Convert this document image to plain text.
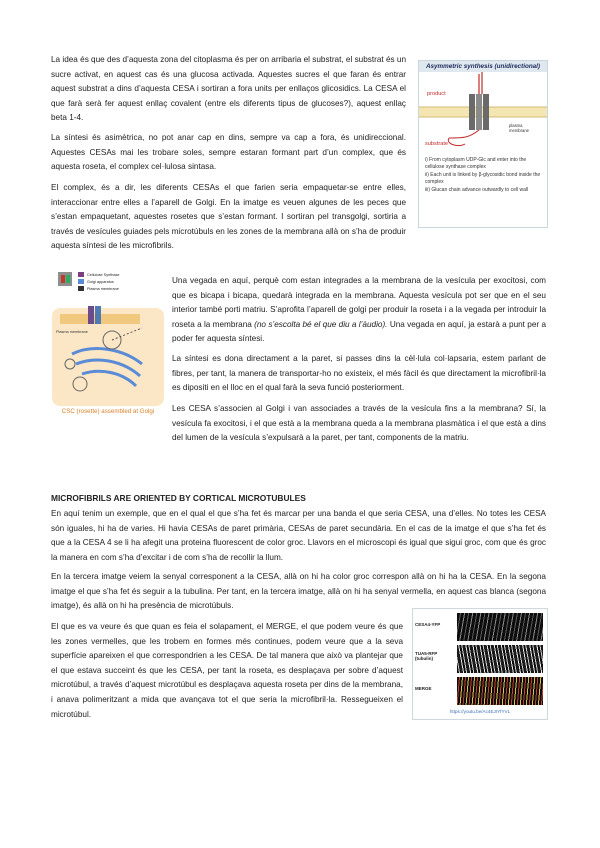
La idea és que des d’aquesta zona del citoplasma és per on arribaria el substrat, el substrat és un sucre activat, en aquest cas és una glucosa activada. Aquestes sucres el que faran és entrar aquest substrat a dins d’aquesta CESA i sortiran a fora units per enllaços glicosidics. La CESA el que farà serà fer aquest enllaç covalent (entre els diferents tipus de glucoses?), aquest enllaç beta 1-4.

La síntesi és asimètrica, no pot anar cap en dins, sempre va cap a fora, és unidireccional. Aquestes CESAs mai les trobare soles, sempre estaran formant part d’un complex, que és aquesta roseta, el complex cel·lulosa sintasa.

El complex, és a dir, les diferents CESAs el que farien seria empaquetar-se entre elles, interaccionar entre elles a l’aparell de Golgi. En la imatge es veuen algunes de les peces que s’estan empaquetant, aquestes rosetes que s’estan formant. I sortiran pel transgolgi, sortiria a través de vesícules guiades pels microtúbuls en les zones de la membrana allà on s’ha de produir aquesta síntesi de les microfibrils.

Asymmetric synthesis (unidirectional)
product
substrate
plasma membrane
i) From cytoplasm UDP-Glc and enter into the cellulose synthase complex
ii) Each unit is linked by β-glycosidic bond inside the complex
iii) Glucan chain advance outwardly to cell wall
Cellulose Synthase
Golgi apparatus
Plasma membrane
Plasma membrane
CSC (rosette) assembled at Golgi

Una vegada en aquí, perquè com estan integrades a la membrana de la vesícula per exocitosi, com que es bicapa i bicapa, quedarà integrada en la membrana. Aquesta vesícula pot ser que en el seu interior també porti matriu. S’aprofita l’aparell de golgi per produir la roseta i a la vegada per introduir la roseta a la membrana (no s’escolta bé el que diu a l’àudio). Una vegada en aquí, ja estarà a punt per a poder fer aquesta síntesi.

La síntesi es dona directament a la paret, si passes dins la cèl·lula col·lapsaria, estem parlant de fibres, per tant, la manera de transportar-ho no existeix, el més fàcil és que directament la microfibril·la es dipositi en el lloc en el qual farà la seva funció posteriorment.

Les CESA s’associen al Golgi i van associades a través de la vesícula fins a la membrana? Sí, la vesícula fa exocitosi, i el que està a la membrana queda a la membrana plasmàtica i el que està a dins del lumen de la vesícula s’expulsarà a la paret, per tant, components de la matriu.

MICROFIBRILS ARE ORIENTED BY CORTICAL MICROTUBULES

En aquí tenim un exemple, que en el qual el que s’ha fet és marcar per una banda el que seria CESA, una d’elles. No totes les CESA són iguales, hi ha de varies. Hi havia CESAs de paret primària, CESAs de paret secundària. En el cas de la imatge el que s’ha fet és que a la CESA 4 se li ha afegit una proteina fluorescent de color groc. Llavors en el microscopi és igual que sigui groc, com que és groc la manera en com s’ha d’excitar i de com s’ha de recollir la llum.

En la tercera imatge veiem la senyal corresponent a la CESA, allà on hi ha color groc correspon allà on hi ha la CESA. En la segona imatge el que s’ha fet és seguir a la tubulina. Per tant, en la tercera imatge, allà on hi ha senyal vermella, en aquest cas blanca (segona imatge), és allà on hi ha presència de microtúbuls.

El que es va veure és que quan es feia el solapament, el MERGE, el que podem veure és que les zones vermelles, que les trobem en formes més continues, podem veure que a la seva superfície apareixen el que correspondrien a les CESA. De tal manera que això va plantejar que el que estava succeint és que les CESA, per tant la roseta, es desplaçava per sobre d’aquest microtúbul, a través d’aquest microtúbul es desplaçava aquesta roseta per dins de la membrana, i anava polimeritzant a mida que avançava tot el que seria la microfibril·la. Ressegueixen el microtúbul.

CESA4-YFP
TUA5-RFP
(tubulin)
MERGE
https://youtu.be/Ac4EJIYfYVL
